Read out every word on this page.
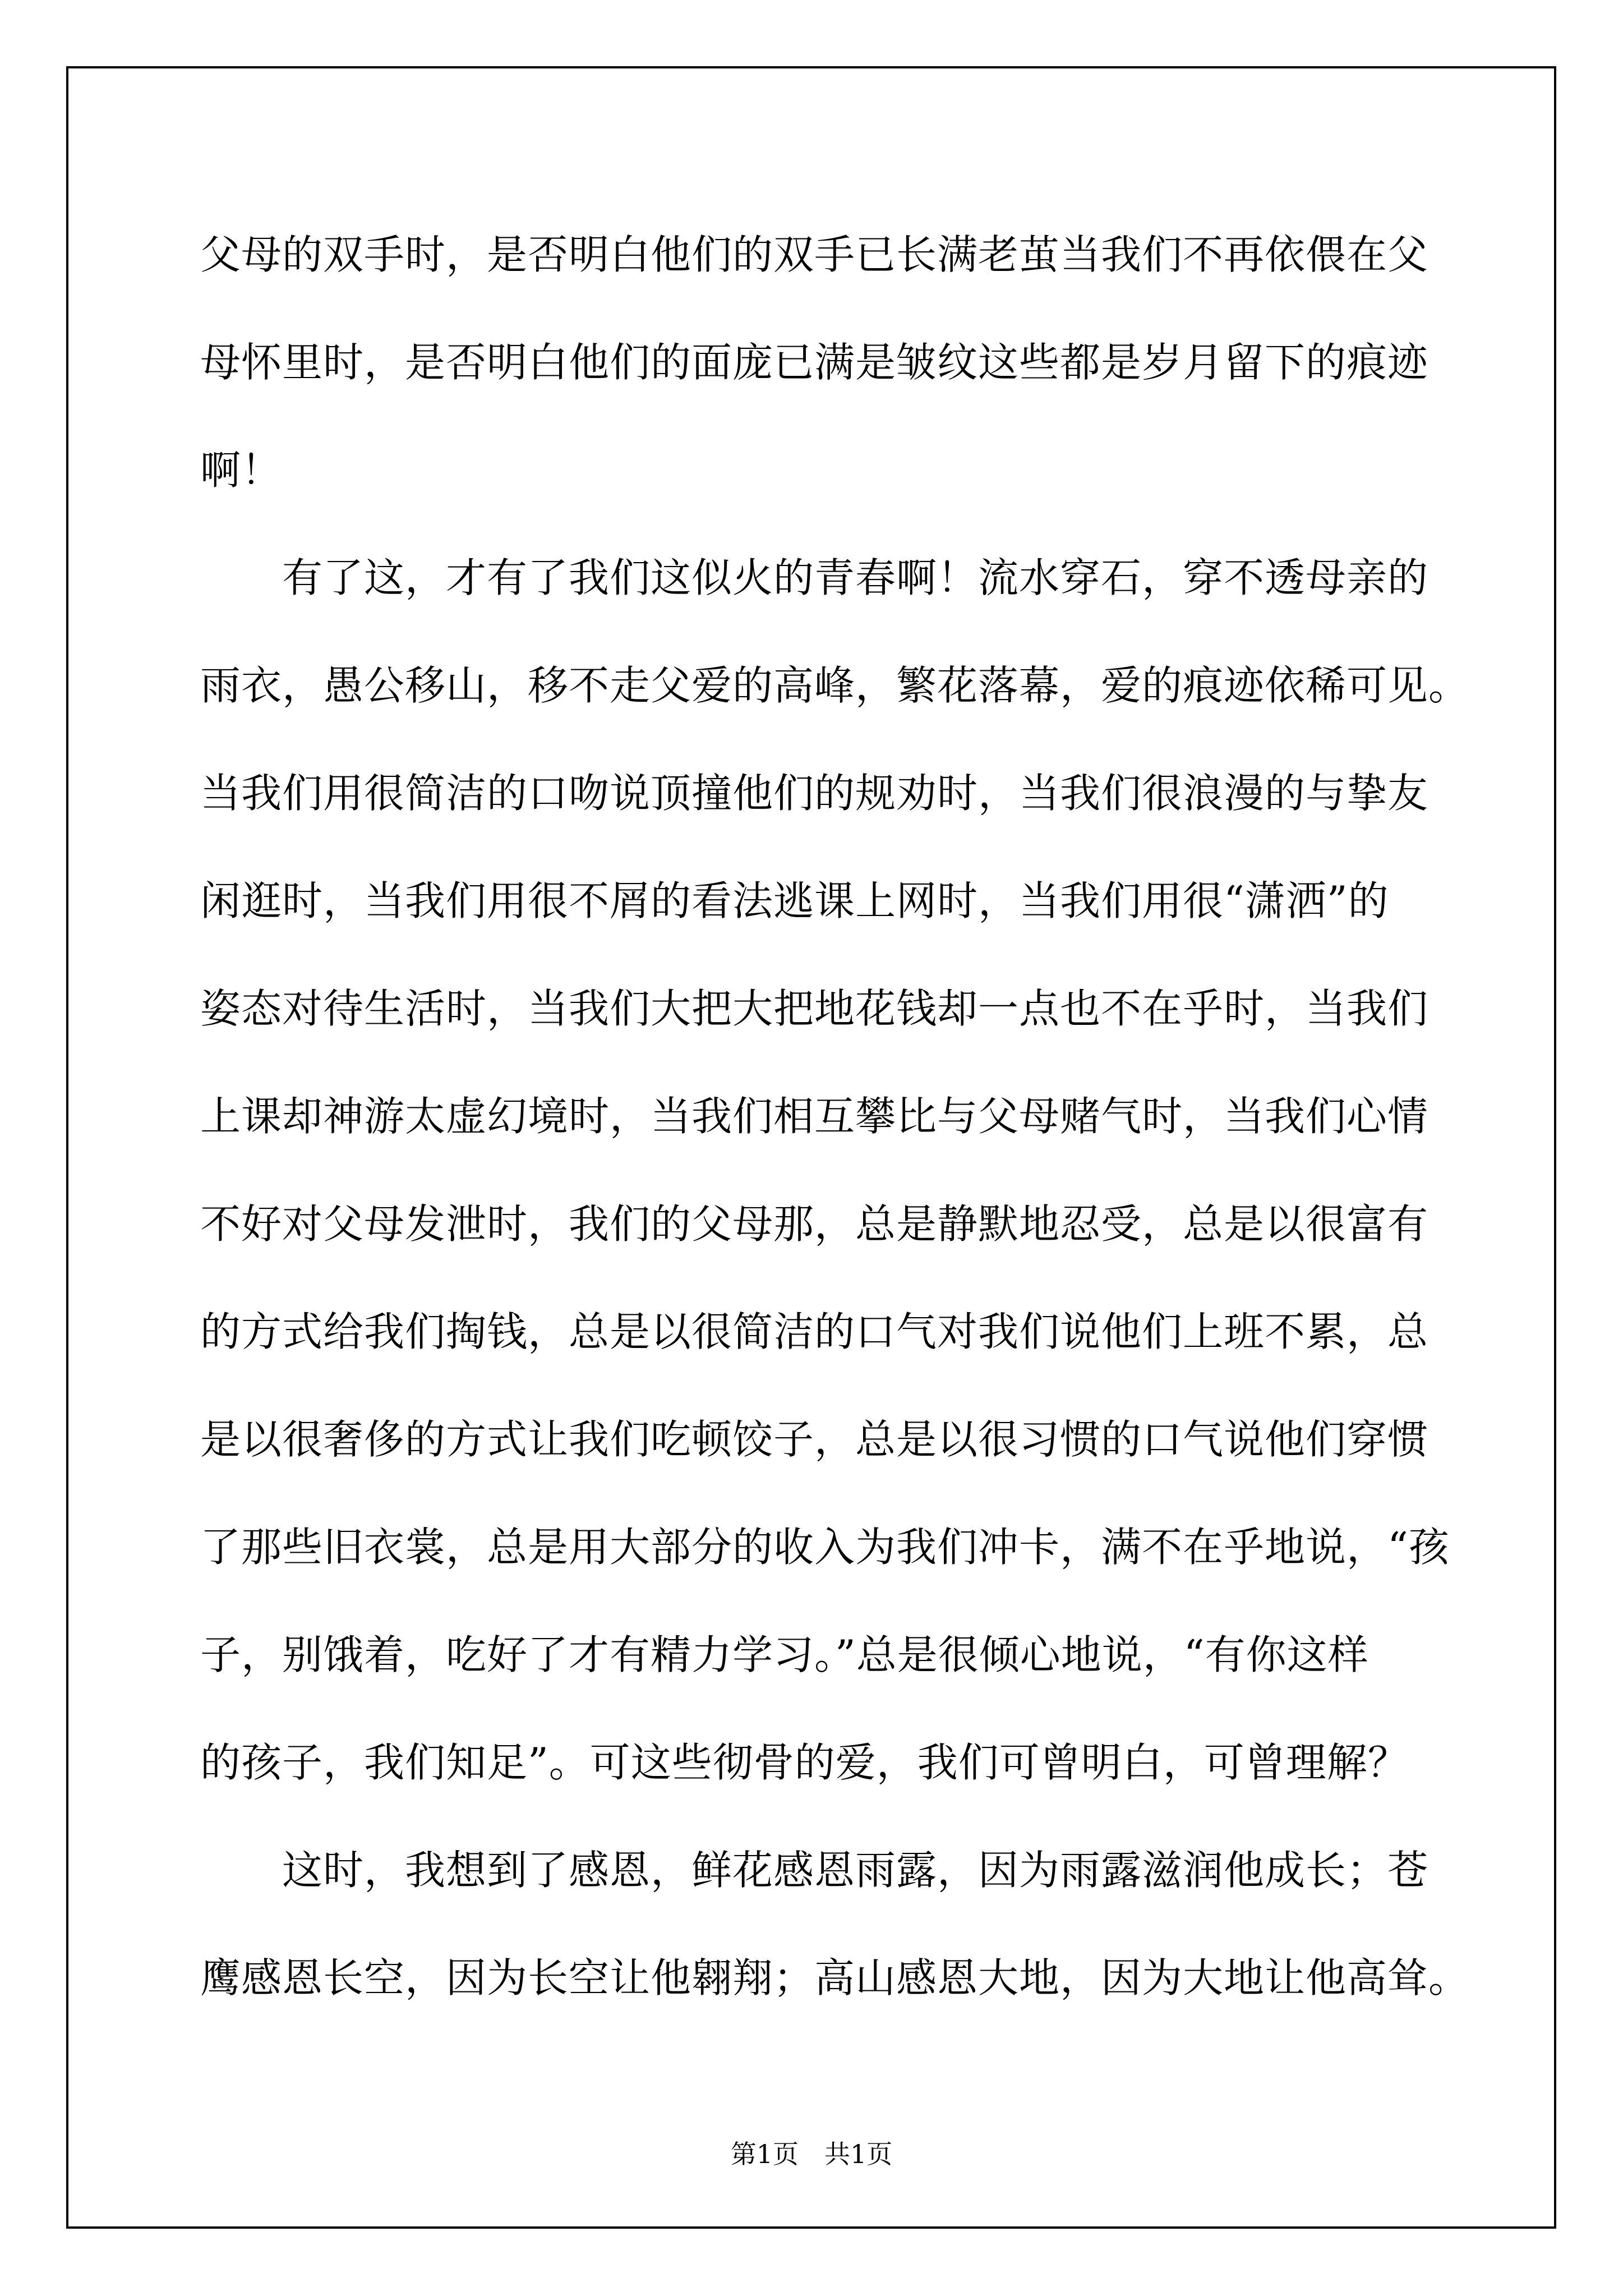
父母的双手时，是否明白他们的双手已长满老茧当我们不再依偎在父
母怀里时，是否明白他们的面庞已满是皱纹这些都是岁月留下的痕迹
啊！
有了这，才有了我们这似火的青春啊！流水穿石，穿不透母亲的
雨衣，愚公移山，移不走父爱的高峰，繁花落幕，爱的痕迹依稀可见。
当我们用很简洁的口吻说顶撞他们的规劝时，当我们很浪漫的与挚友
闲逛时，当我们用很不屑的看法逃课上网时，当我们用很“潇洒”的
姿态对待生活时，当我们大把大把地花钱却一点也不在乎时，当我们
上课却神游太虚幻境时，当我们相互攀比与父母赌气时，当我们心情
不好对父母发泄时，我们的父母那，总是静默地忍受，总是以很富有
的方式给我们掏钱，总是以很简洁的口气对我们说他们上班不累，总
是以很奢侈的方式让我们吃顿饺子，总是以很习惯的口气说他们穿惯
了那些旧衣裳，总是用大部分的收入为我们冲卡，满不在乎地说，“孩
子，别饿着，吃好了才有精力学习。”总是很倾心地说，“有你这样
的孩子，我们知足”。可这些彻骨的爱，我们可曾明白，可曾理解？
这时，我想到了感恩，鲜花感恩雨露，因为雨露滋润他成长；苍
鹰感恩长空，因为长空让他翱翔；高山感恩大地，因为大地让他高耸。
第1页　共1页
